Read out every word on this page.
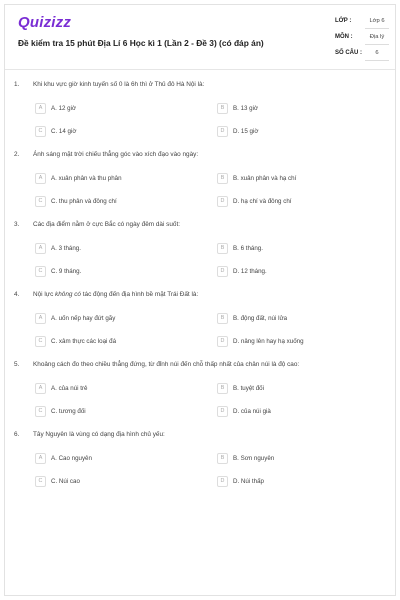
Quizizz
Đề kiểm tra 15 phút Địa Lí 6 Học kì 1 (Lần 2 - Đề 3) (có đáp án)
LỚP :	Lớp 6
MÔN :	Địa lý
SỐ CÂU :	6
1. Khi khu vực giờ kinh tuyến số 0 là 6h thì ở Thủ đô Hà Nội là:
A	A. 12 giờ	B	B. 13 giờ
C	C. 14 giờ	D	D. 15 giờ
2. Ánh sáng mặt trời chiếu thẳng góc vào xích đạo vào ngày:
A	A. xuân phân và thu phân	B	B. xuân phân và hạ chí
C	C. thu phân và đông chí	D	D. hạ chí và đông chí
3. Các địa điểm nằm ở cực Bắc có ngày đêm dài suốt:
A	A. 3 tháng.	B	B. 6 tháng.
C	C. 9 tháng.	D	D. 12 tháng.
4. Nội lực không có tác động đến địa hình bề mặt Trái Đất là:
A	A. uốn nếp hay đứt gãy	B	B. động đất, núi lửa
C	C. xâm thực các loại đá	D	D. nâng lên hay hạ xuống
5. Khoảng cách đo theo chiều thẳng đứng, từ đỉnh núi đến chỗ thấp nhất của chân núi là độ cao:
A	A. của núi trẻ	B	B. tuyệt đối
C	C. tương đối	D	D. của núi già
6. Tây Nguyên là vùng có dạng địa hình chủ yếu:
A	A. Cao nguyên	B	B. Sơn nguyên
C	C. Núi cao	D	D. Núi thấp
